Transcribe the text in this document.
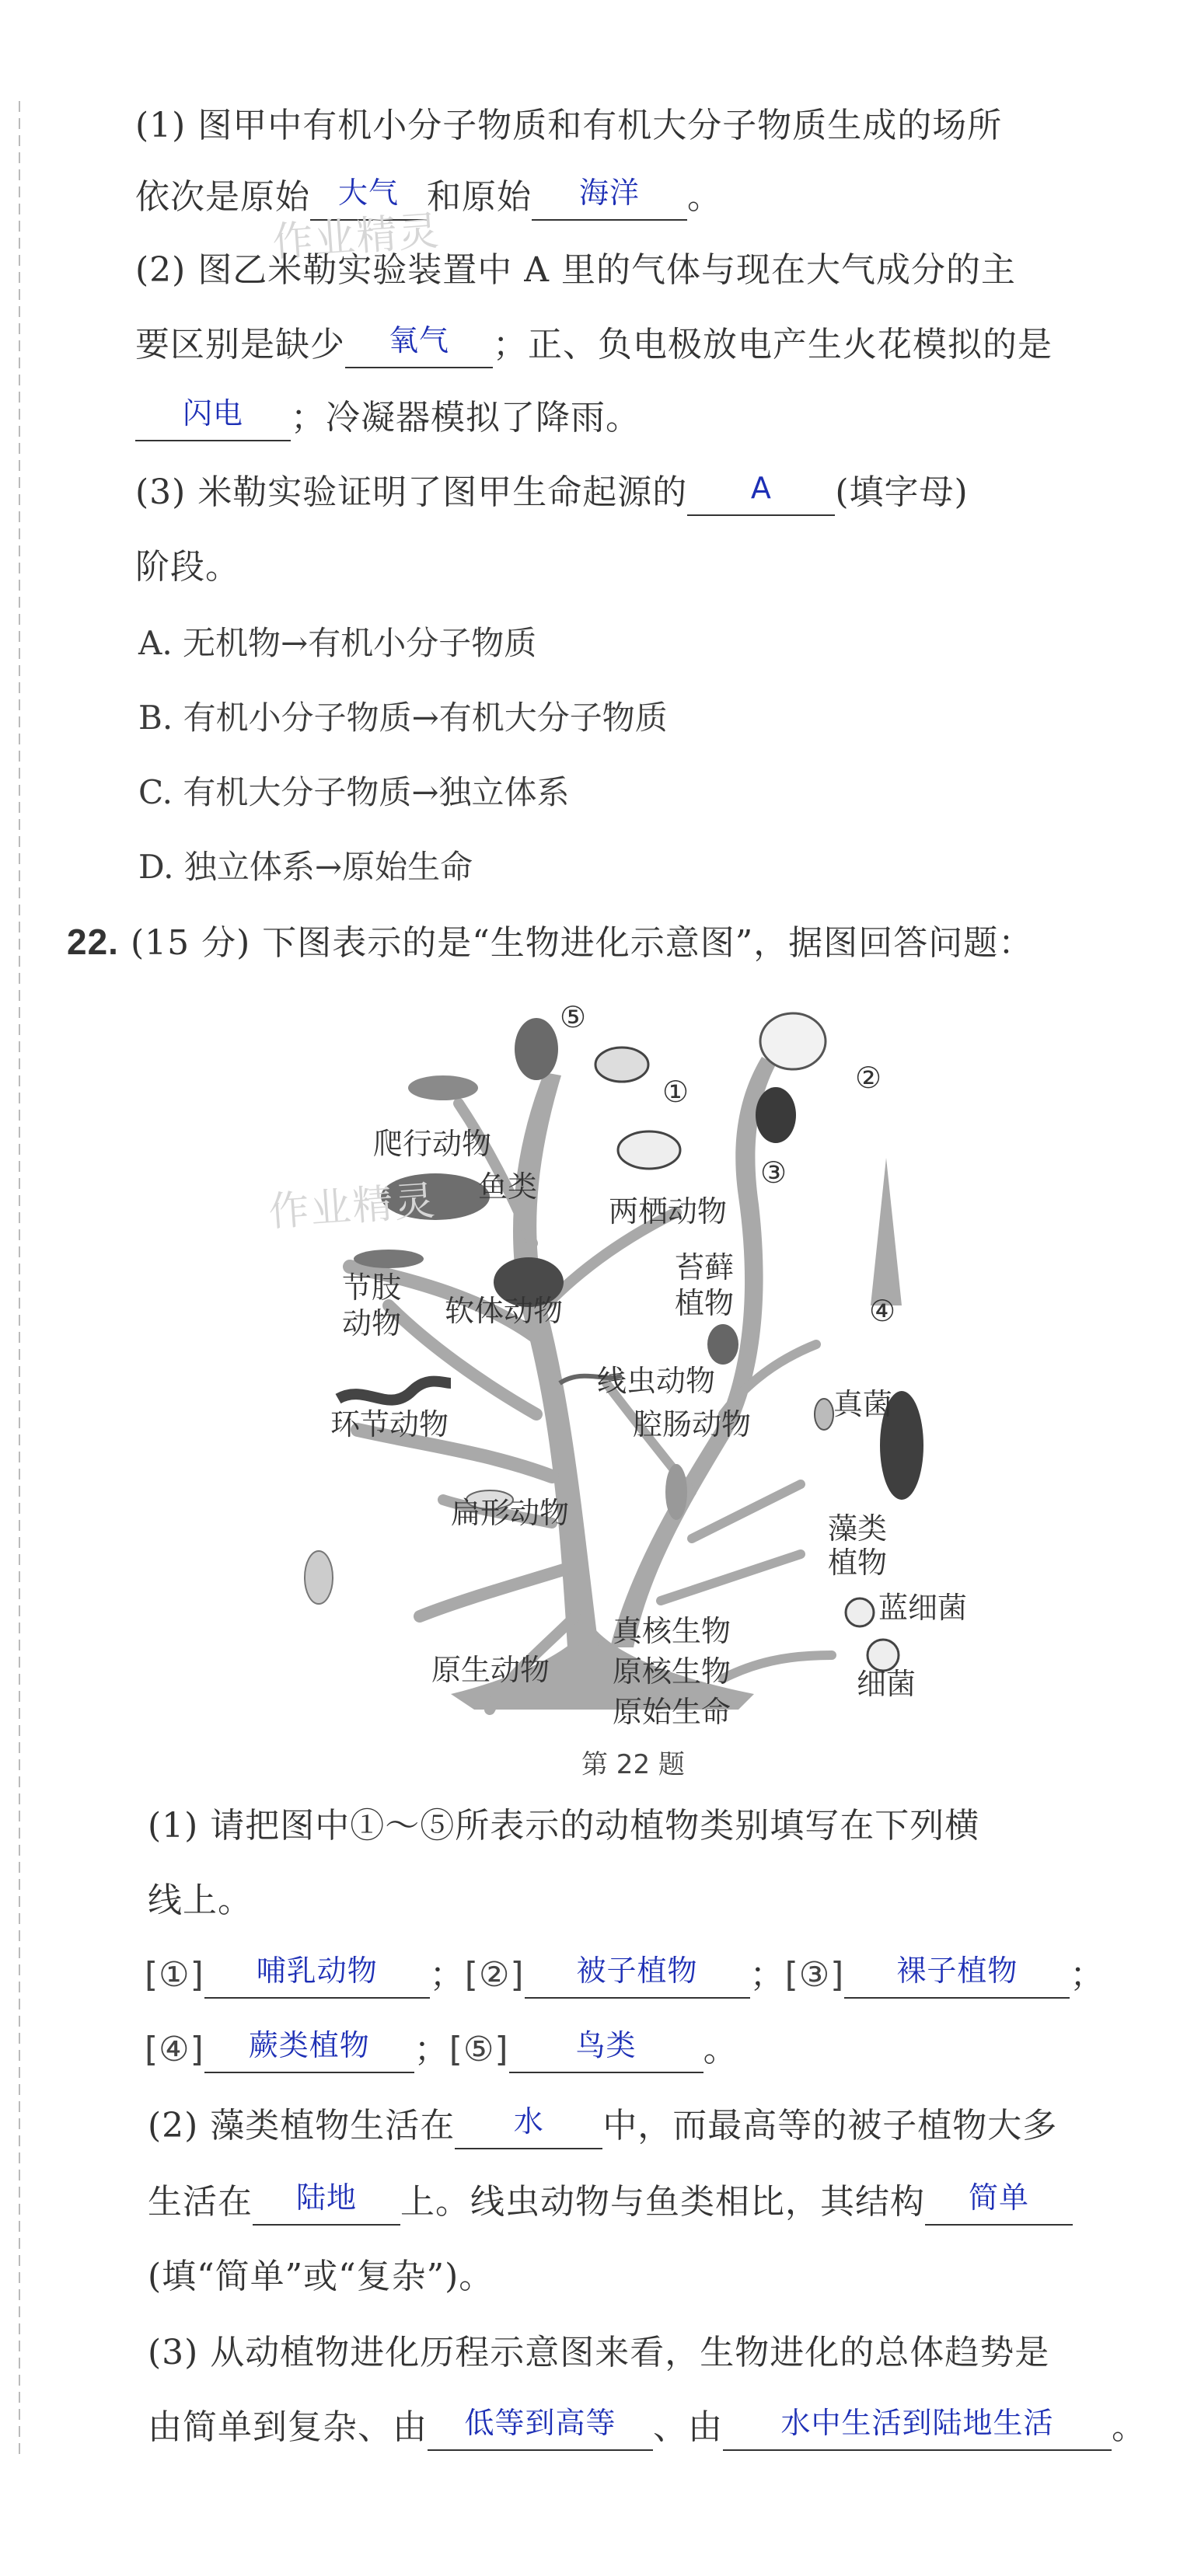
(1) 图甲中有机小分子物质和有机大分子物质生成的场所
依次是原始 大气 和原始	海洋	。
作业精灵
(2) 图乙米勒实验装置中 A 里的气体与现在大气成分的主
要区别是缺少	氧气	；正、负电极放电产生火花模拟的是
闪电	；冷凝器模拟了降雨。
(3) 米勒实验证明了图甲生命起源的	A	(填字母)
阶段。
A. 无机物→有机小分子物质
B. 有机小分子物质→有机大分子物质
C. 有机大分子物质→独立体系
D. 独立体系→原始生命
22. (15 分) 下图表示的是“生物进化示意图”，据图回答问题：
⑤
①	②
③
④
爬行动物
鱼类
两栖动物
节肢
动物 软体动物
苔藓
植物
线虫动物
真菌
环节动物	腔肠动物
扁形动物	藻类
植物
蓝细菌
原生动物
真核生物
原核生物
原始生命
细菌
第 22 题
作业精灵
(1) 请把图中①～⑤所表示的动植物类别填写在下列横
线上。
[①]	哺乳动物	；[②]	被子植物	；[③]	裸子植物	；
[④]	蕨类植物	；[⑤]	鸟类	。
(2) 藻类植物生活在	水	中，而最高等的被子植物大多
生活在	陆地	上。线虫动物与鱼类相比，其结构	简单
(填“简单”或“复杂”)。
(3) 从动植物进化历程示意图来看，生物进化的总体趋势是
由简单到复杂、由	低等到高等	、由	水中生活到陆地生活	。
